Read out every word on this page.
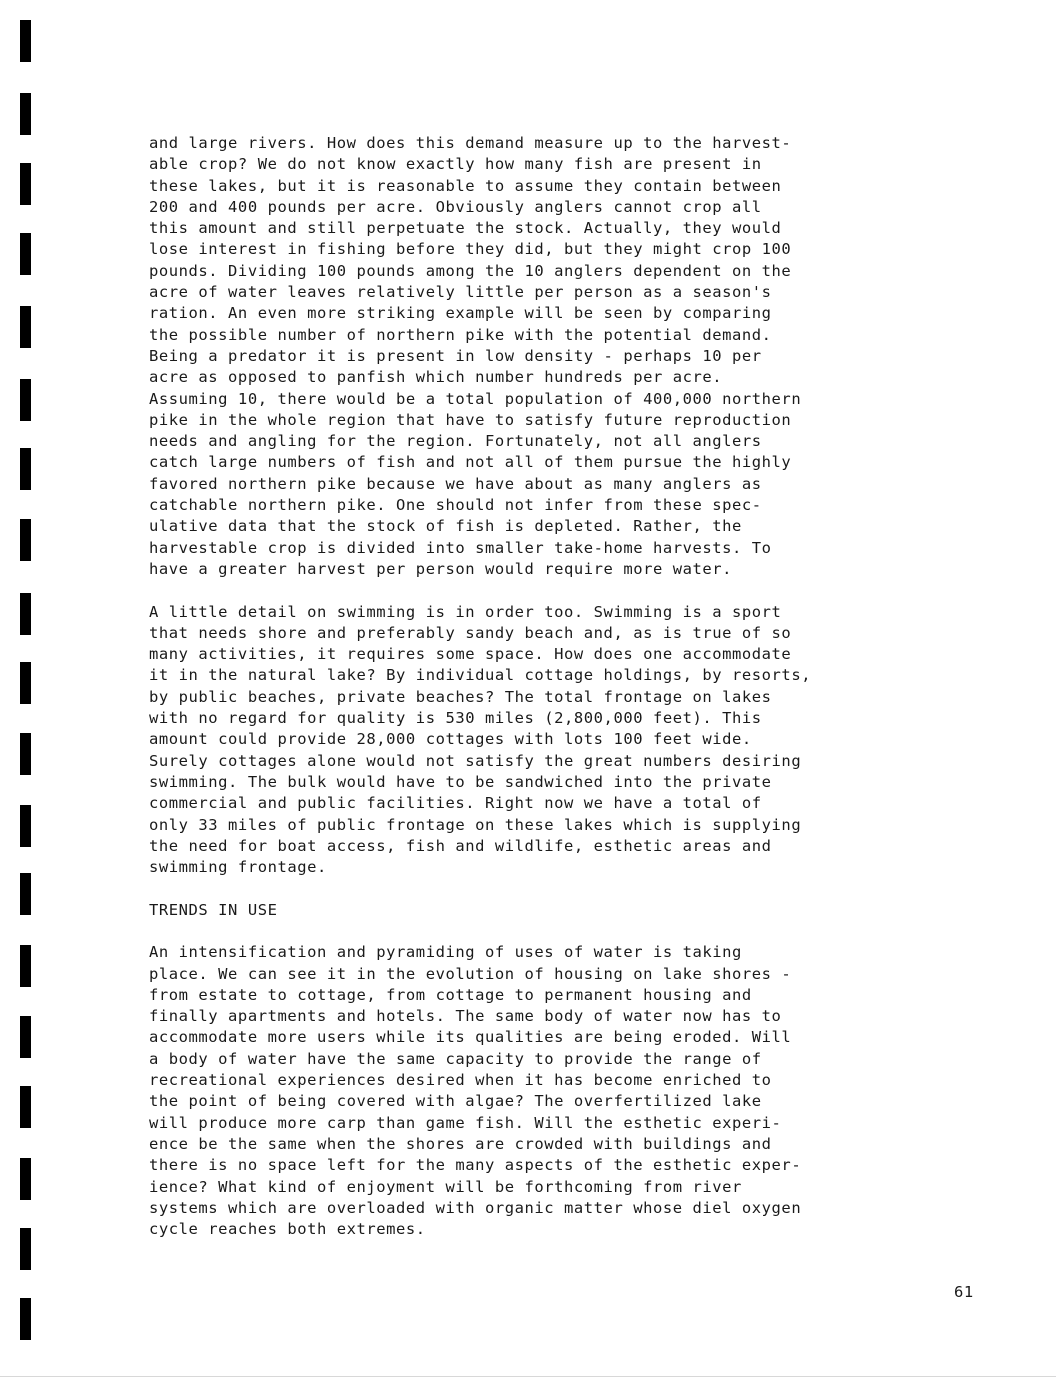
and large rivers. How does this demand measure up to the harvest-
able crop? We do not know exactly how many fish are present in
these lakes, but it is reasonable to assume they contain between
200 and 400 pounds per acre. Obviously anglers cannot crop all
this amount and still perpetuate the stock. Actually, they would
lose interest in fishing before they did, but they might crop 100
pounds. Dividing 100 pounds among the 10 anglers dependent on the
acre of water leaves relatively little per person as a season's
ration. An even more striking example will be seen by comparing
the possible number of northern pike with the potential demand.
Being a predator it is present in low density - perhaps 10 per
acre as opposed to panfish which number hundreds per acre.
Assuming 10, there would be a total population of 400,000 northern
pike in the whole region that have to satisfy future reproduction
needs and angling for the region. Fortunately, not all anglers
catch large numbers of fish and not all of them pursue the highly
favored northern pike because we have about as many anglers as
catchable northern pike. One should not infer from these spec-
ulative data that the stock of fish is depleted. Rather, the
harvestable crop is divided into smaller take-home harvests. To
have a greater harvest per person would require more water.

A little detail on swimming is in order too. Swimming is a sport
that needs shore and preferably sandy beach and, as is true of so
many activities, it requires some space. How does one accommodate
it in the natural lake? By individual cottage holdings, by resorts,
by public beaches, private beaches? The total frontage on lakes
with no regard for quality is 530 miles (2,800,000 feet). This
amount could provide 28,000 cottages with lots 100 feet wide.
Surely cottages alone would not satisfy the great numbers desiring
swimming. The bulk would have to be sandwiched into the private
commercial and public facilities. Right now we have a total of
only 33 miles of public frontage on these lakes which is supplying
the need for boat access, fish and wildlife, esthetic areas and
swimming frontage.

TRENDS IN USE

An intensification and pyramiding of uses of water is taking
place. We can see it in the evolution of housing on lake shores -
from estate to cottage, from cottage to permanent housing and
finally apartments and hotels. The same body of water now has to
accommodate more users while its qualities are being eroded. Will
a body of water have the same capacity to provide the range of
recreational experiences desired when it has become enriched to
the point of being covered with algae? The overfertilized lake
will produce more carp than game fish. Will the esthetic experi-
ence be the same when the shores are crowded with buildings and
there is no space left for the many aspects of the esthetic exper-
ience? What kind of enjoyment will be forthcoming from river
systems which are overloaded with organic matter whose diel oxygen
cycle reaches both extremes.

61
